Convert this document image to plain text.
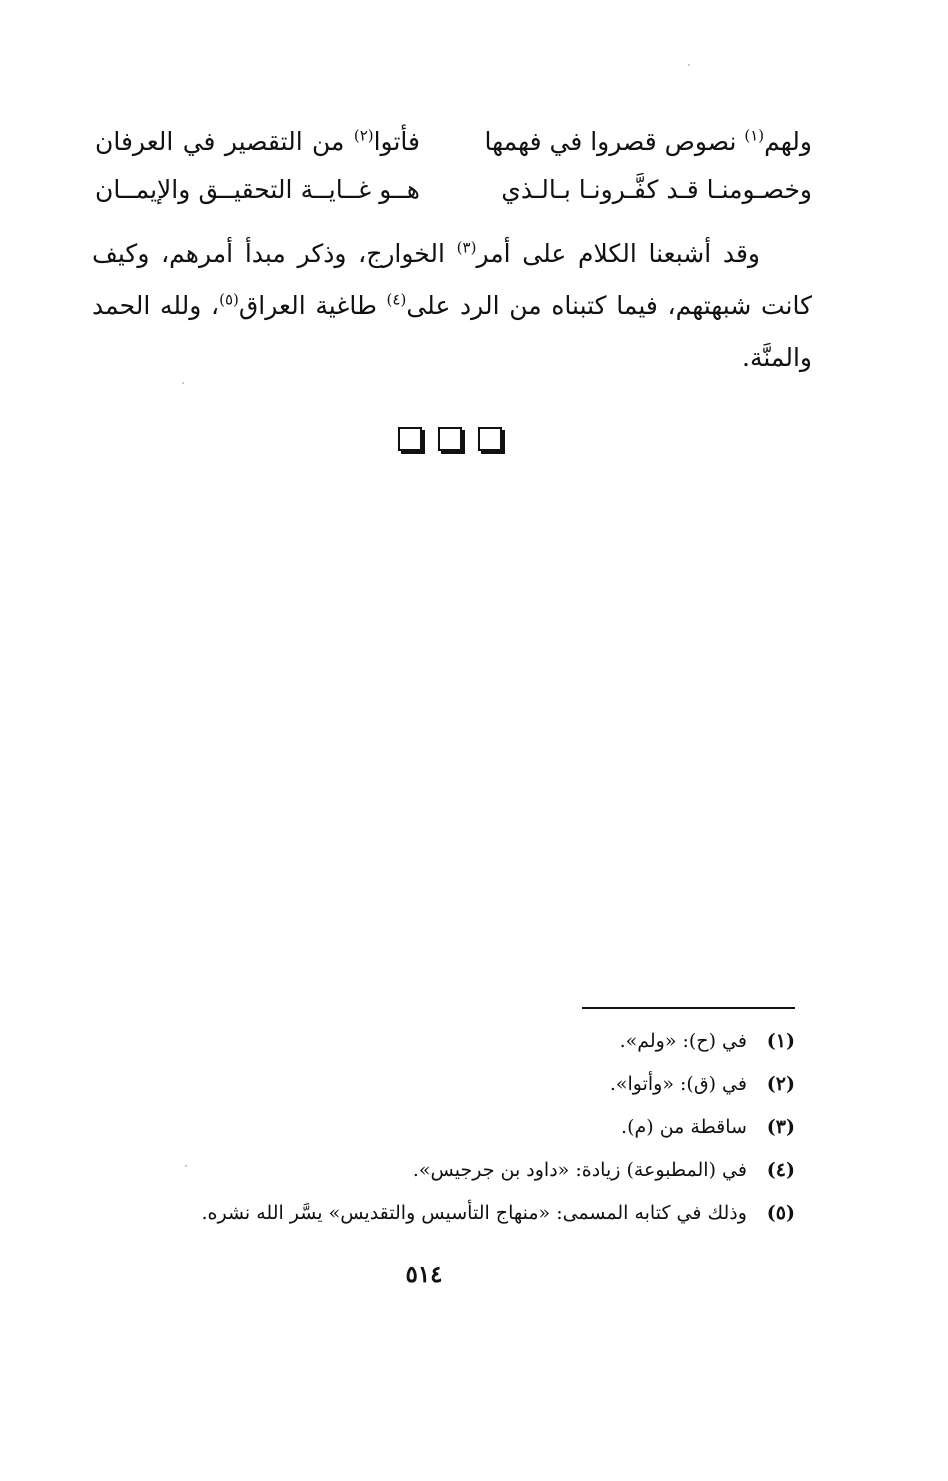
ولهم$^{(١)}$ نصوص قصروا في فهمها
فأتوا$^{(٢)}$ من التقصير في العرفان
وخصـومنـا قـد كفَّـرونـا بـالـذي
هــو غــايــة التحقيــق والإيمــان

وقد أشبعنا الكلام على أمر$^{(٣)}$ الخوارج، وذكر مبدأ أمرهم، وكيف كانت شبهتهم، فيما كتبناه من الرد على$^{(٤)}$ طاغية العراق$^{(٥)}$، ولله الحمد والمنَّة.

(١) في (ح): «ولم».
(٢) في (ق): «وأتوا».
(٣) ساقطة من (م).
(٤) في (المطبوعة) زيادة: «داود بن جرجيس».
(٥) وذلك في كتابه المسمى: «منهاج التأسيس والتقديس» يسَّر الله نشره.
٥١٤
